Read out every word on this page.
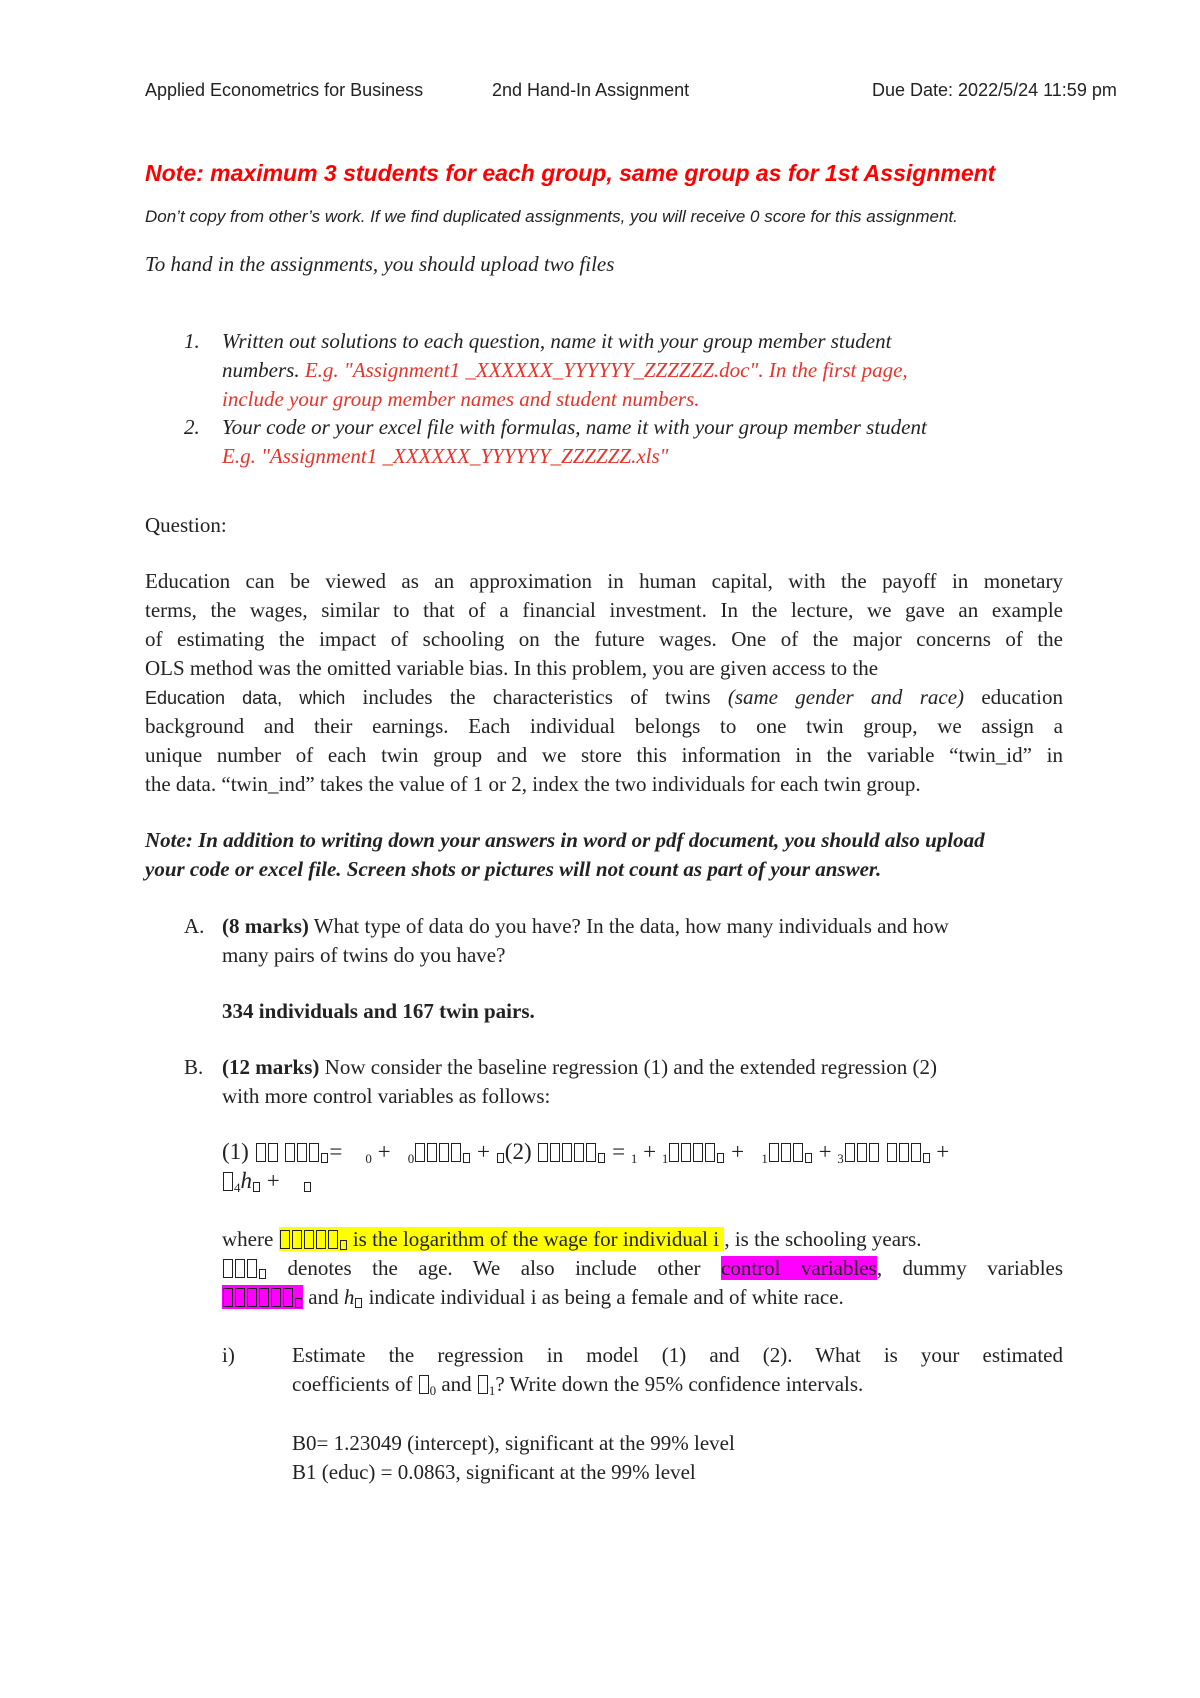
Applied Econometrics for Business	2nd Hand-In Assignment	Due Date: 2022/5/24 11:59 pm
Note: maximum 3 students for each group, same group as for 1st Assignment
Don’t copy from other’s work. If we find duplicated assignments, you will receive 0 score for this assignment.
To hand in the assignments, you should upload two files
1. Written out solutions to each question, name it with your group member student
numbers. E.g. "Assignment1 _XXXXXX_YYYYYY_ZZZZZZ.doc". In the first page,
include your group member names and student numbers.
2. Your code or your excel file with formulas, name it with your group member student
E.g. "Assignment1 _XXXXXX_YYYYYY_ZZZZZZ.xls"
Question:
Education can be viewed as an approximation in human capital, with the payoff in monetary
terms, the wages, similar to that of a financial investment. In the lecture, we gave an example
of estimating the impact of schooling on the future wages. One of the major concerns of the
OLS method was the omitted variable bias. In this problem, you are given access to the
Education data, which includes the characteristics of twins (same gender and race) education
background and their earnings. Each individual belongs to one twin group, we assign a
unique number of each twin group and we store this information in the variable “twin_id” in
the data. “twin_ind” takes the value of 1 or 2, index the two individuals for each twin group.
Note: In addition to writing down your answers in word or pdf document, you should also upload
your code or excel file. Screen shots or pictures will not count as part of your answer.
A. (8 marks) What type of data do you have? In the data, how many individuals and how
many pairs of twins do you have?
334 individuals and 167 twin pairs.
B. (12 marks) Now consider the baseline regression (1) and the extended regression (2)
with more control variables as follows:
(1)	= $_0$ + $_0$	+ (2)	= $_1$ + $_1$	+ $_1$ + $_3$	+
$_4$h +
where	is the logarithm of the wage for individual i , is the schooling years.
denotes the age. We also include other control variables, dummy variables
and h indicate individual i as being a female and of white race.
i)	Estimate the regression in model (1) and (2). What is your estimated
coefficients of $_0$ and $_1$? Write down the 95% confidence intervals.
B0= 1.23049 (intercept), significant at the 99% level
B1 (educ) = 0.0863, significant at the 99% level
